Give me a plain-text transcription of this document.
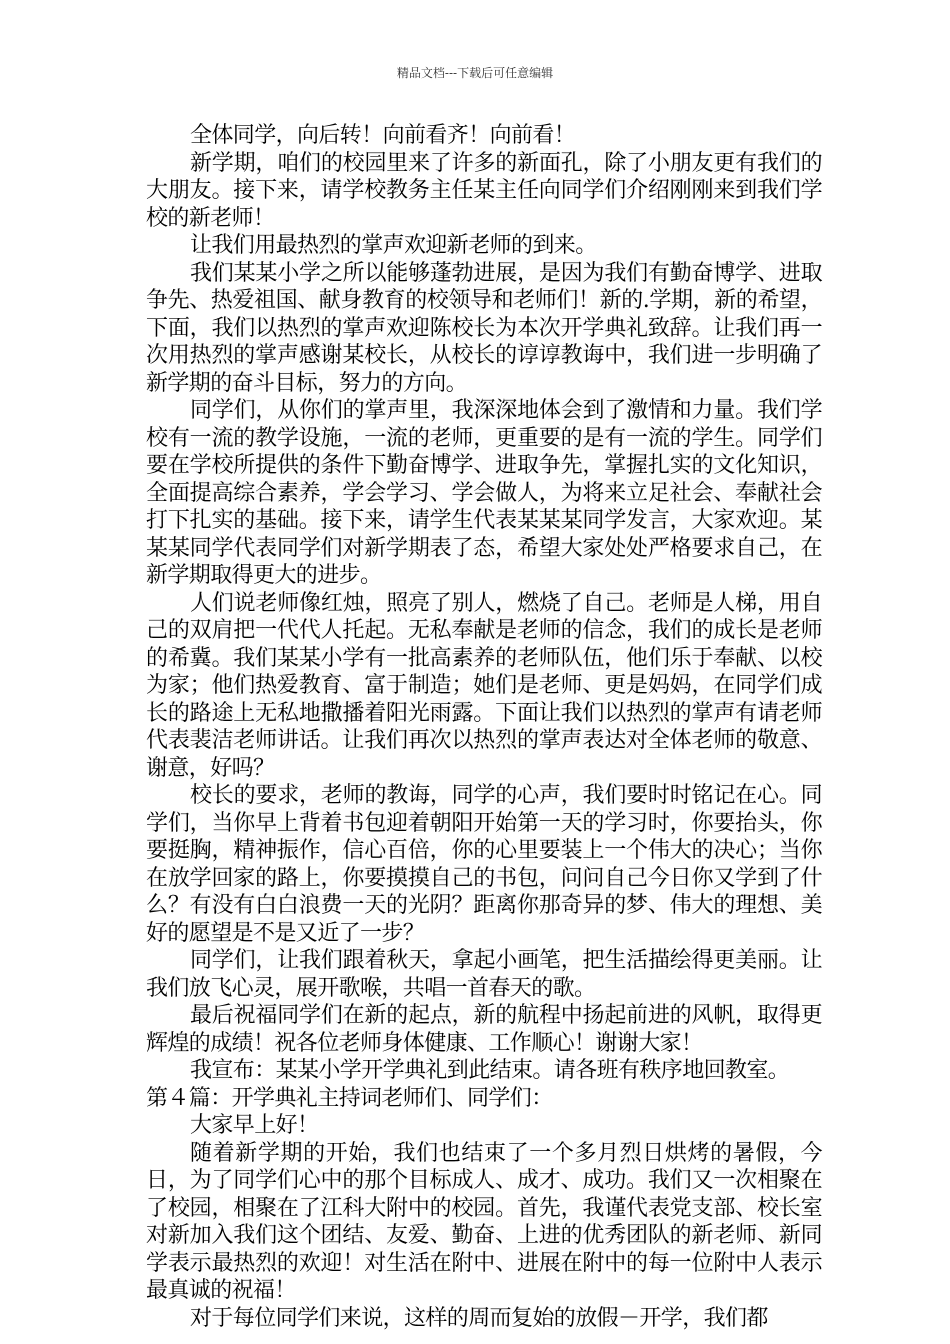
精品文档---下载后可任意编辑

全体同学，向后转！向前看齐！向前看！

新学期，咱们的校园里来了许多的新面孔，除了小朋友更有我们的大朋友。接下来，请学校教务主任某主任向同学们介绍刚刚来到我们学校的新老师！

让我们用最热烈的掌声欢迎新老师的到来。

我们某某小学之所以能够蓬勃进展，是因为我们有勤奋博学、进取争先、热爱祖国、献身教育的校领导和老师们！新的.学期，新的希望，下面，我们以热烈的掌声欢迎陈校长为本次开学典礼致辞。让我们再一次用热烈的掌声感谢某校长，从校长的谆谆教诲中，我们进一步明确了新学期的奋斗目标，努力的方向。

同学们，从你们的掌声里，我深深地体会到了激情和力量。我们学校有一流的教学设施，一流的老师，更重要的是有一流的学生。同学们要在学校所提供的条件下勤奋博学、进取争先，掌握扎实的文化知识，全面提高综合素养，学会学习、学会做人，为将来立足社会、奉献社会打下扎实的基础。接下来，请学生代表某某某同学发言，大家欢迎。某某某同学代表同学们对新学期表了态，希望大家处处严格要求自己，在新学期取得更大的进步。

人们说老师像红烛，照亮了别人，燃烧了自己。老师是人梯，用自己的双肩把一代代人托起。无私奉献是老师的信念，我们的成长是老师的希冀。我们某某小学有一批高素养的老师队伍，他们乐于奉献、以校为家；他们热爱教育、富于制造；她们是老师、更是妈妈，在同学们成长的路途上无私地撒播着阳光雨露。下面让我们以热烈的掌声有请老师代表裴洁老师讲话。让我们再次以热烈的掌声表达对全体老师的敬意、谢意，好吗？

校长的要求，老师的教诲，同学的心声，我们要时时铭记在心。同学们，当你早上背着书包迎着朝阳开始第一天的学习时，你要抬头，你要挺胸，精神振作，信心百倍，你的心里要装上一个伟大的决心；当你在放学回家的路上，你要摸摸自己的书包，问问自己今日你又学到了什么？有没有白白浪费一天的光阴？距离你那奇异的梦、伟大的理想、美好的愿望是不是又近了一步？

同学们，让我们跟着秋天，拿起小画笔，把生活描绘得更美丽。让我们放飞心灵，展开歌喉，共唱一首春天的歌。

最后祝福同学们在新的起点，新的航程中扬起前进的风帆，取得更辉煌的成绩！祝各位老师身体健康、工作顺心！谢谢大家！

我宣布：某某小学开学典礼到此结束。请各班有秩序地回教室。

第４篇：开学典礼主持词老师们、同学们：

大家早上好！

随着新学期的开始，我们也结束了一个多月烈日烘烤的暑假，今日，为了同学们心中的那个目标成人、成才、成功。我们又一次相聚在了校园，相聚在了江科大附中的校园。首先，我谨代表党支部、校长室对新加入我们这个团结、友爱、勤奋、上进的优秀团队的新老师、新同学表示最热烈的欢迎！对生活在附中、进展在附中的每一位附中人表示最真诚的祝福！

对于每位同学们来说，这样的周而复始的放假－开学，我们都
